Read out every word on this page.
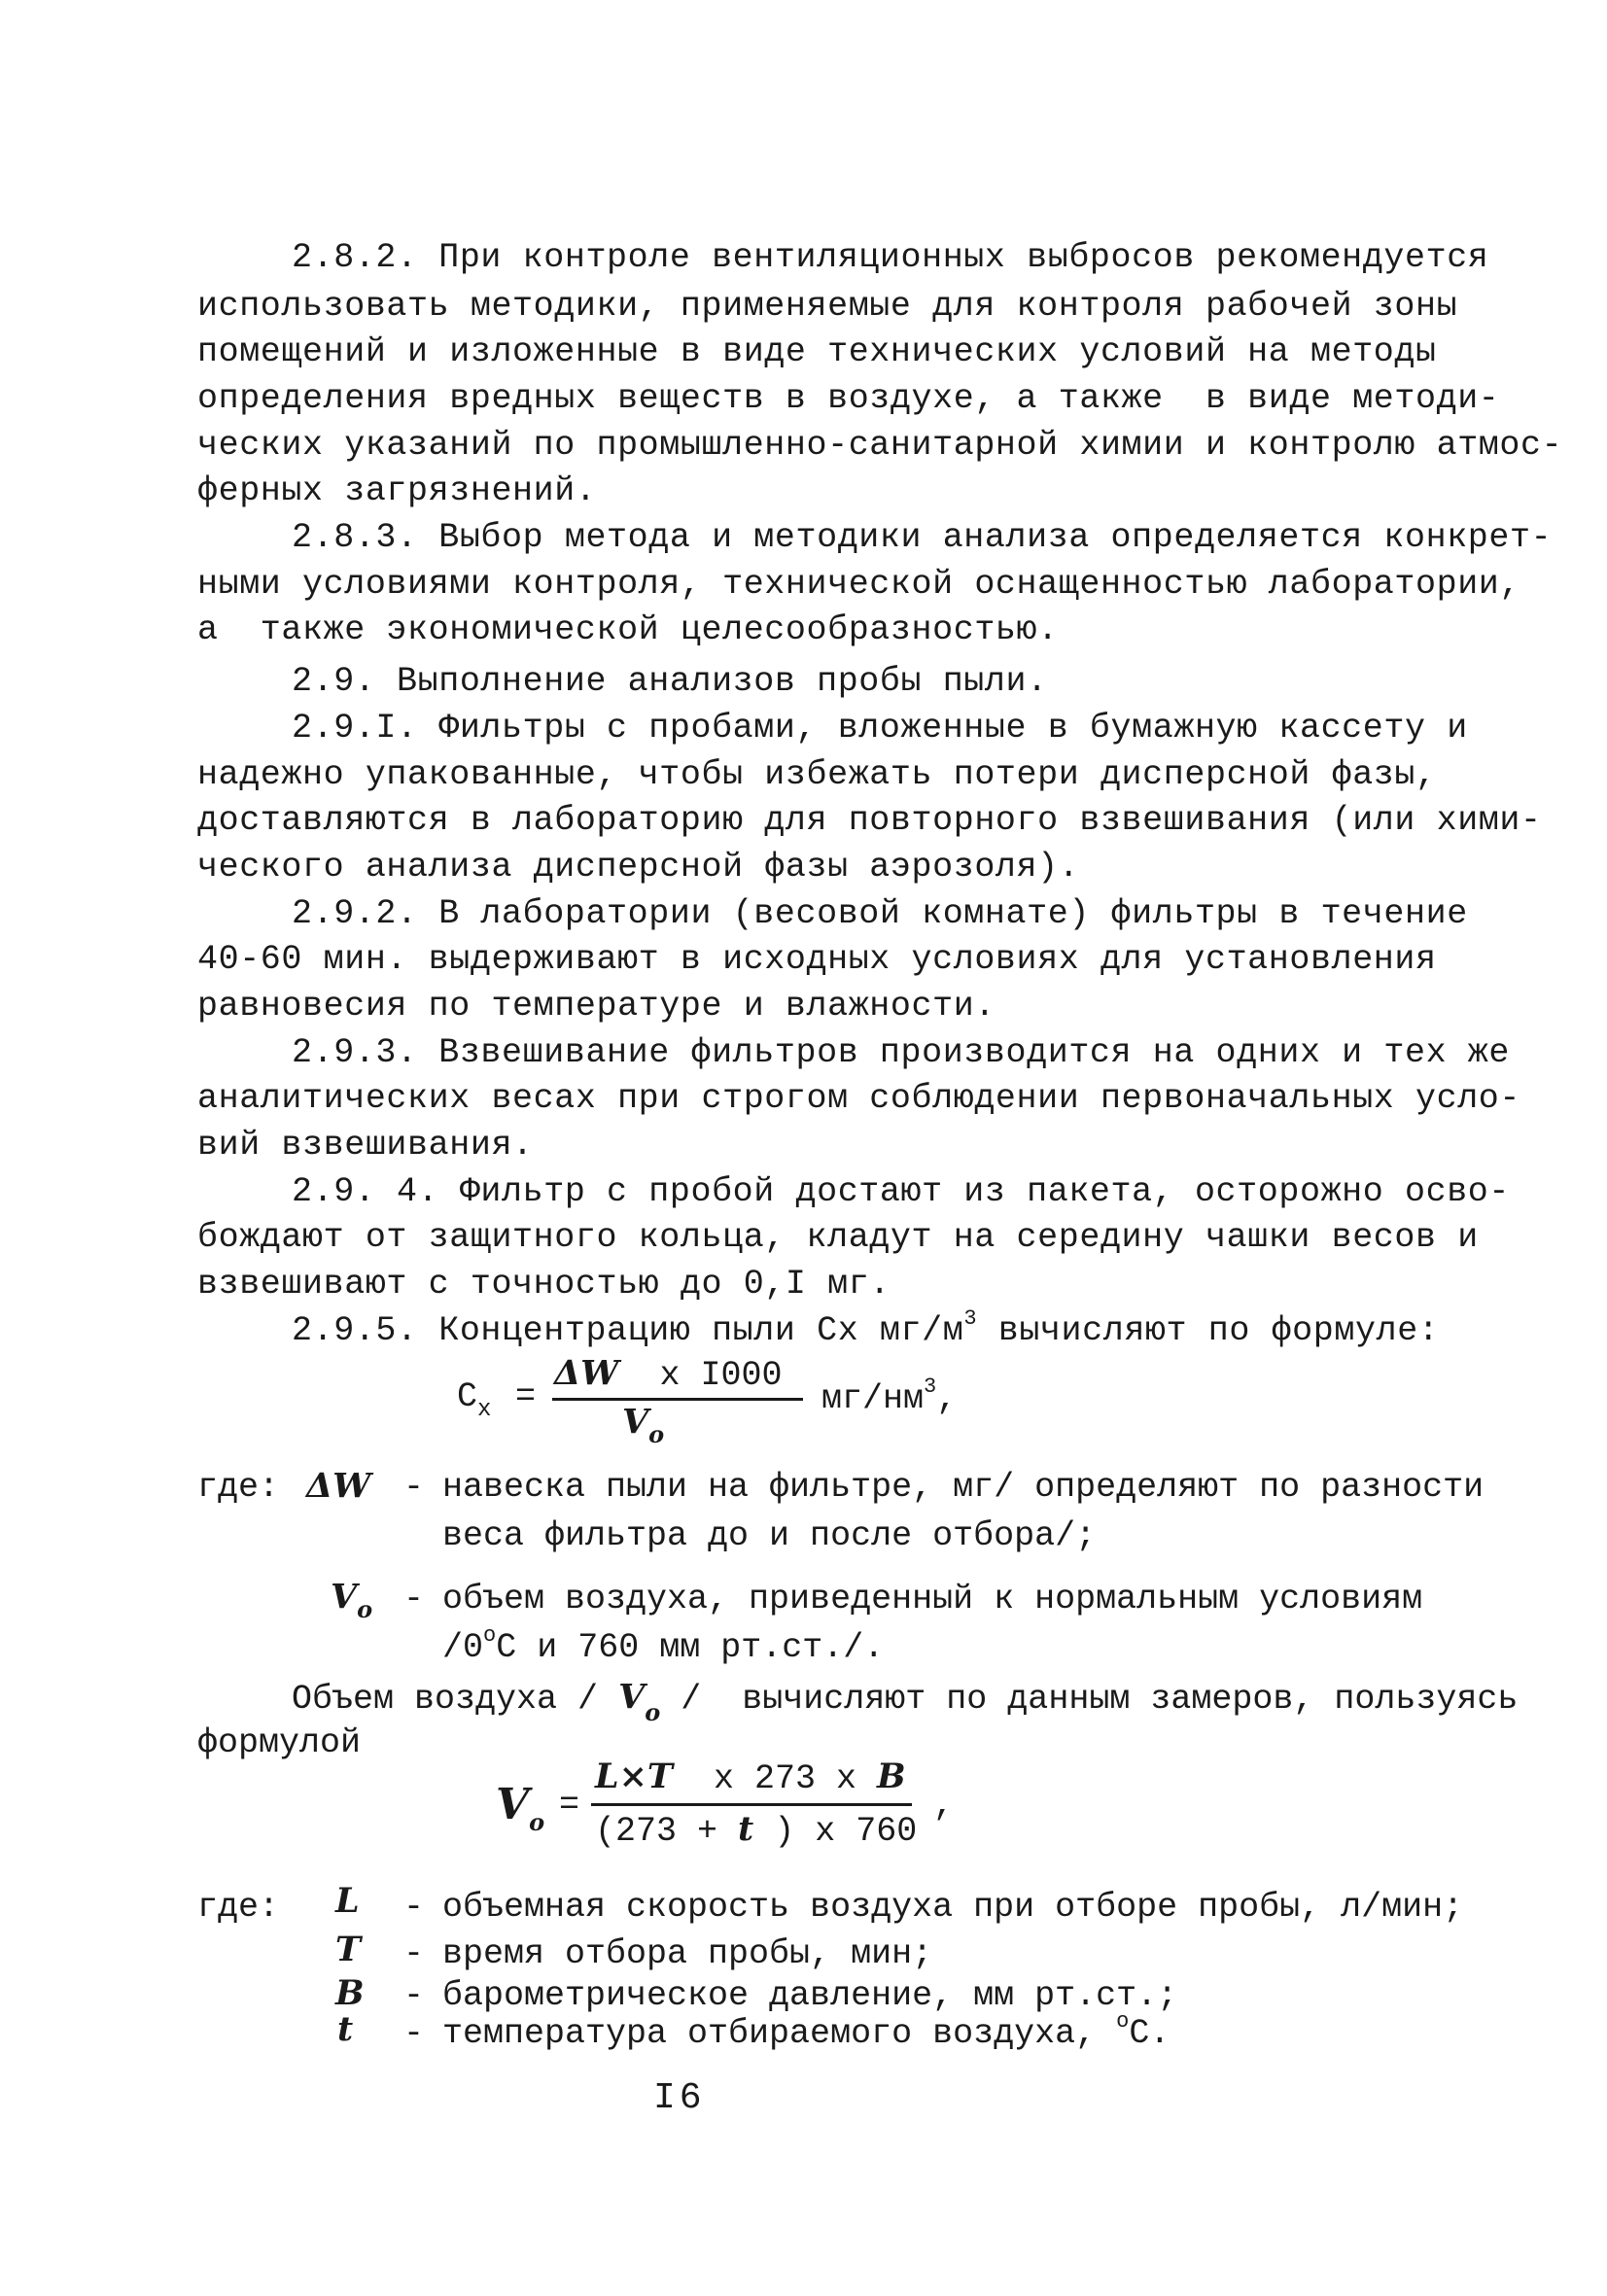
2.8.2. При контроле вентиляционных выбросов рекомендуется
использовать методики, применяемые для контроля рабочей зоны
помещений и изложенные в виде технических условий на методы
определения вредных веществ в воздухе, а также  в виде методи-
ческих указаний по промышленно-санитарной химии и контролю атмос-
ферных загрязнений.
2.8.3. Выбор метода и методики анализа определяется конкрет-
ными условиями контроля, технической оснащенностью лаборатории,
а  также экономической целесообразностью.
2.9. Выполнение анализов пробы пыли.
2.9.I. Фильтры с пробами, вложенные в бумажную кассету и
надежно упакованные, чтобы избежать потери дисперсной фазы,
доставляются в лабораторию для повторного взвешивания (или хими-
ческого анализа дисперсной фазы аэрозоля).
2.9.2. В лаборатории (весовой комнате) фильтры в течение
40-60 мин. выдерживают в исходных условиях для установления
равновесия по температуре и влажности.
2.9.3. Взвешивание фильтров производится на одних и тех же
аналитических весах при строгом соблюдении первоначальных усло-
вий взвешивания.
2.9. 4. Фильтр с пробой достают из пакета, осторожно осво-
бождают от защитного кольца, кладут на середину чашки весов и
взвешивают с точностью до 0,I мг.
2.9.5. Концентрацию пыли Сх $мг/м^3$ вычисляют по формуле:
$С_x$ =
ΔW  x I000
$V_o$
$мг/нм^3$,
где: ΔW - навеска пыли на фильтре, мг/ определяют по разности
веса фильтра до и после отбора/;
$V_o$ - объем воздуха, приведенный к нормальным условиям
$/0^оС$ и 760 мм рт.ст./.
Объем воздуха / $V_o$ /  вычисляют по данным замеров, пользуясь
формулой
$V_o$ =
L×T  x 273 x B
(273 + t ) x 760
,
где: L - объемная скорость воздуха при отборе пробы, л/мин;
T - время отбора пробы, мин;
B - барометрическое давление, мм рт.ст.;
t - температура отбираемого воздуха, $^о$С.
I6
